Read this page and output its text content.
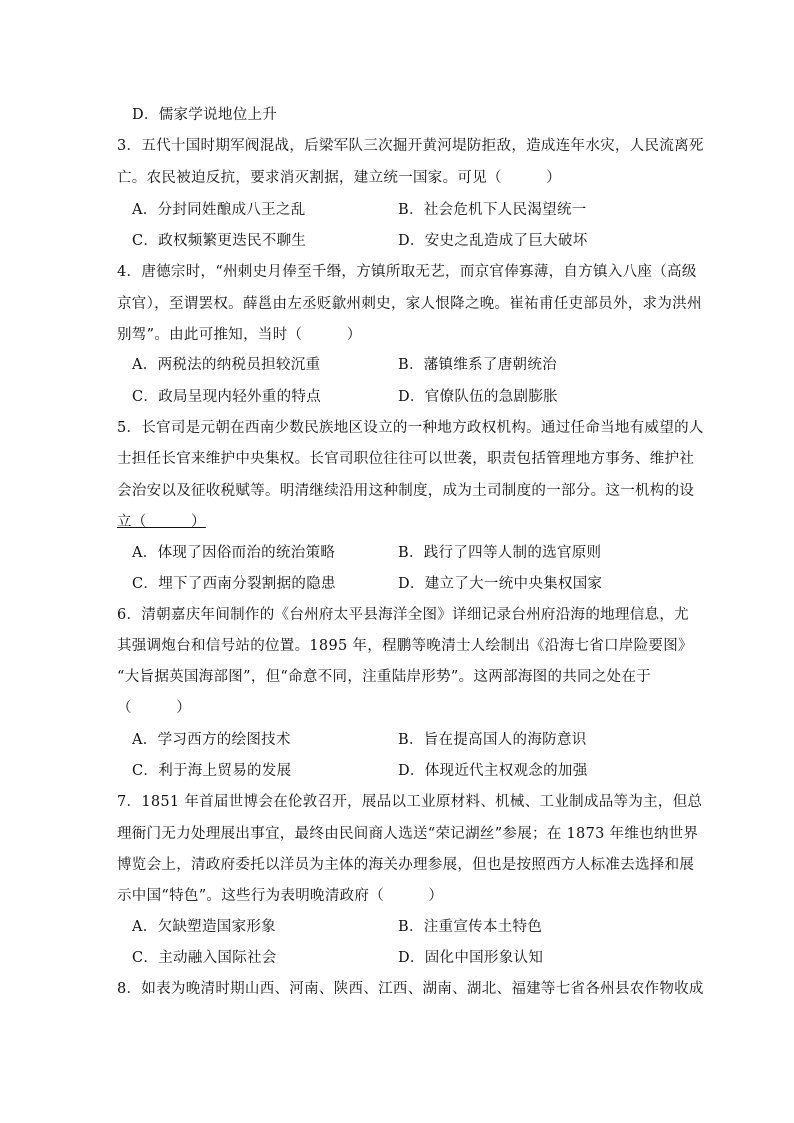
D．儒家学说地位上升
3．五代十国时期军阀混战，后梁军队三次掘开黄河堤防拒敌，造成连年水灾，人民流离死
亡。农民被迫反抗，要求消灭割据，建立统一国家。可见（　　　）
A．分封同姓酿成八王之乱	B．社会危机下人民渴望统一
C．政权频繁更迭民不聊生	D．安史之乱造成了巨大破坏
4．唐德宗时，“州刺史月俸至千缗，方镇所取无艺，而京官俸寡薄，自方镇入八座（高级
京官），至谓罢权。薛邕由左丞贬歙州刺史，家人恨降之晚。崔祐甫任吏部员外，求为洪州
别驾”。由此可推知，当时（　　　）
A．两税法的纳税员担较沉重	B．藩镇维系了唐朝统治
C．政局呈现内轻外重的特点	D．官僚队伍的急剧膨胀
5．长官司是元朝在西南少数民族地区设立的一种地方政权机构。通过任命当地有威望的人
士担任长官来维护中央集权。长官司职位往往可以世袭，职责包括管理地方事务、维护社
会治安以及征收税赋等。明清继续沿用这种制度，成为土司制度的一部分。这一机构的设
立（　　　）
A．体现了因俗而治的统治策略	B．践行了四等人制的选官原则
C．埋下了西南分裂割据的隐患	D．建立了大一统中央集权国家
6．清朝嘉庆年间制作的《台州府太平县海洋全图》详细记录台州府沿海的地理信息，尤
其强调炮台和信号站的位置。1895 年，程鹏等晚清士人绘制出《沿海七省口岸险要图》
“大旨据英国海部图”，但“命意不同，注重陆岸形势”。这两部海图的共同之处在于
（　　　）
A．学习西方的绘图技术	B．旨在提高国人的海防意识
C．利于海上贸易的发展	D．体现近代主权观念的加强
7．1851 年首届世博会在伦敦召开，展品以工业原材料、机械、工业制成品等为主，但总
理衙门无力处理展出事宜，最终由民间商人选送“荣记湖丝”参展；在 1873 年维也纳世界
博览会上，清政府委托以洋员为主体的海关办理参展，但也是按照西方人标准去选择和展
示中国“特色”。这些行为表明晚清政府（　　　）
A．欠缺塑造国家形象	B．注重宣传本土特色
C．主动融入国际社会	D．固化中国形象认知
8．如表为晚清时期山西、河南、陕西、江西、湖南、湖北、福建等七省各州县农作物收成
